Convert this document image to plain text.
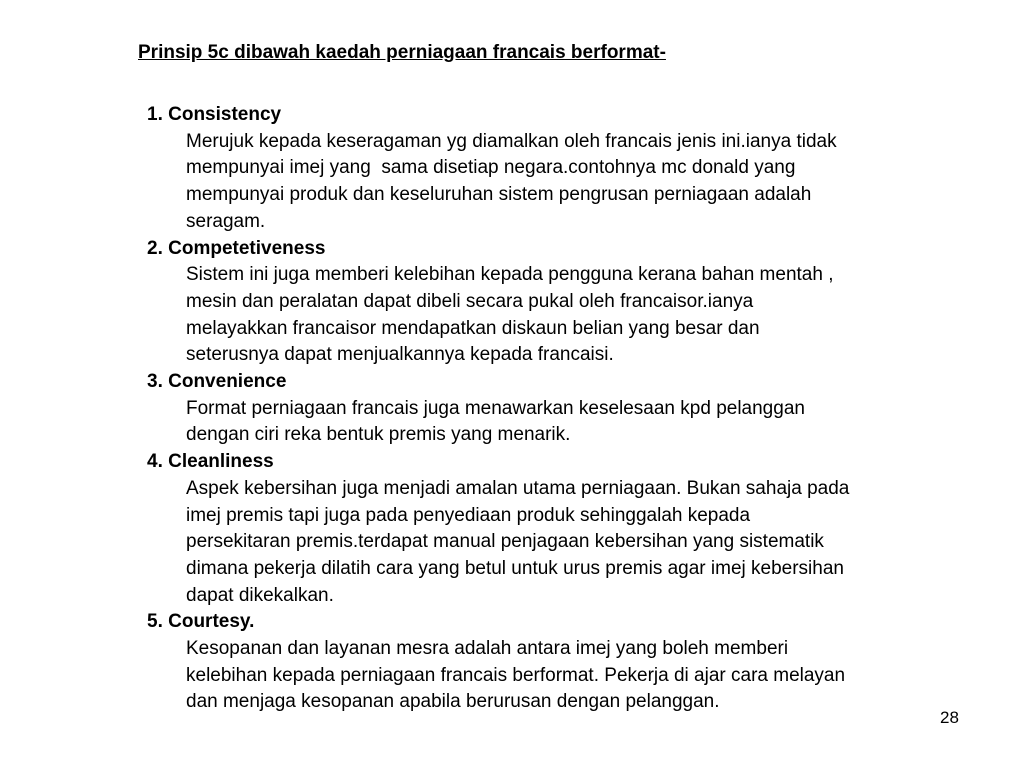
Prinsip 5c dibawah kaedah perniagaan francais berformat-
1. Consistency
Merujuk kepada keseragaman yg diamalkan oleh francais jenis ini.ianya tidak
mempunyai imej yang  sama disetiap negara.contohnya mc donald yang
mempunyai produk dan keseluruhan sistem pengrusan perniagaan adalah
seragam.
2. Competetiveness
Sistem ini juga memberi kelebihan kepada pengguna kerana bahan mentah ,
mesin dan peralatan dapat dibeli secara pukal oleh francaisor.ianya
melayakkan francaisor mendapatkan diskaun belian yang besar dan
seterusnya dapat menjualkannya kepada francaisi.
3. Convenience
Format perniagaan francais juga menawarkan keselesaan kpd pelanggan
dengan ciri reka bentuk premis yang menarik.
4. Cleanliness
Aspek kebersihan juga menjadi amalan utama perniagaan. Bukan sahaja pada
imej premis tapi juga pada penyediaan produk sehinggalah kepada
persekitaran premis.terdapat manual penjagaan kebersihan yang sistematik
dimana pekerja dilatih cara yang betul untuk urus premis agar imej kebersihan
dapat dikekalkan.
5. Courtesy.
Kesopanan dan layanan mesra adalah antara imej yang boleh memberi
kelebihan kepada perniagaan francais berformat. Pekerja di ajar cara melayan
dan menjaga kesopanan apabila berurusan dengan pelanggan.
28
